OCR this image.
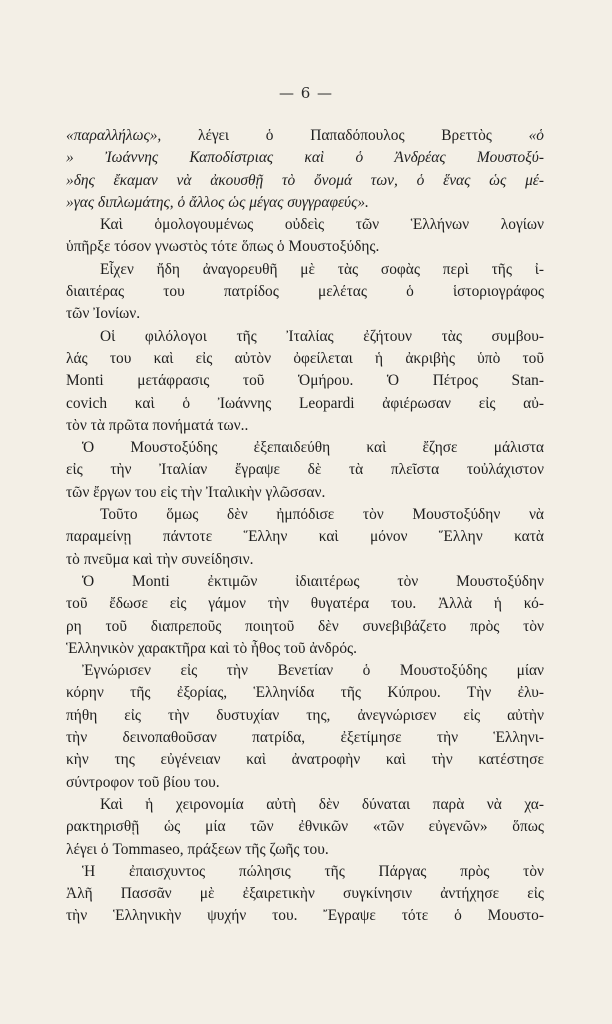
— 6 —
«παραλλήλως», λέγει ὁ Παπαδόπουλος Βρεττὸς «ὁ
» Ἰωάννης Καποδίστριας καὶ ὁ Ἀνδρέας Μουστοξύ-
»δης ἔκαμαν νὰ ἀκουσθῇ τὸ ὄνομά των, ὁ ἕνας ὡς μέ-
»γας διπλωμάτης, ὁ ἄλλος ὡς μέγας συγγραφεύς».
Καὶ ὁμολογουμένως οὐδεὶς τῶν Ἑλλήνων λογίων
ὑπῆρξε τόσον γνωστὸς τότε ὅπως ὁ Μουστοξύδης.
Εἶχεν ἤδη ἀναγορευθῆ μὲ τὰς σοφὰς περὶ τῆς ἰ-
διαιτέρας του πατρίδος μελέτας ὁ ἱστοριογράφος
τῶν Ἰονίων.
Οἱ φιλόλογοι τῆς Ἰταλίας ἐζήτουν τὰς συμβου-
λάς του καὶ εἰς αὐτὸν ὀφείλεται ἡ ἀκριβὴς ὑπὸ τοῦ
Monti μετάφρασις τοῦ Ὁμήρου. Ὁ Πέτρος Stan-
covich καὶ ὁ Ἰωάννης Leopardi ἀφιέρωσαν εἰς αὐ-
τὸν τὰ πρῶτα πονήματά των..
Ὁ Μουστοξύδης ἐξεπαιδεύθη καὶ ἔζησε μάλιστα
εἰς τὴν Ἰταλίαν ἔγραψε δὲ τὰ πλεῖστα τοὐλάχιστον
τῶν ἔργων του εἰς τὴν Ἰταλικὴν γλῶσσαν.
Τοῦτο ὅμως δὲν ἠμπόδισε τὸν Μουστοξύδην νὰ
παραμείνῃ πάντοτε Ἕλλην καὶ μόνον Ἕλλην κατὰ
τὸ πνεῦμα καὶ τὴν συνείδησιν.
Ὁ Monti ἐκτιμῶν ἰδιαιτέρως τὸν Μουστοξύδην
τοῦ ἔδωσε εἰς γάμον τὴν θυγατέρα του. Ἀλλὰ ἡ κό-
ρη τοῦ διαπρεποῦς ποιητοῦ δὲν συνεβιβάζετο πρὸς τὸν
Ἑλληνικὸν χαρακτῆρα καὶ τὸ ἦθος τοῦ ἀνδρός.
Ἐγνώρισεν εἰς τὴν Βενετίαν ὁ Μουστοξύδης μίαν
κόρην τῆς ἐξορίας, Ἑλληνίδα τῆς Κύπρου. Τὴν ἐλυ-
πήθη εἰς τὴν δυστυχίαν της, ἀνεγνώρισεν εἰς αὐτὴν
τὴν δεινοπαθοῦσαν πατρίδα, ἐξετίμησε τὴν Ἑλληνι-
κὴν της εὐγένειαν καὶ ἀνατροφὴν καὶ τὴν κατέστησε
σύντροφον τοῦ βίου του.
Καὶ ἡ χειρονομία αὐτὴ δὲν δύναται παρὰ νὰ χα-
ρακτηρισθῇ ὡς μία τῶν ἐθνικῶν «τῶν εὐγενῶν» ὅπως
λέγει ὁ Tommaseo, πράξεων τῆς ζωῆς του.
Ἡ ἐπαισχυντος πώλησις τῆς Πάργας πρὸς τὸν
Ἀλῆ Πασσᾶν μὲ ἐξαιρετικὴν συγκίνησιν ἀντήχησε εἰς
τὴν Ἑλληνικὴν ψυχήν του. Ἔγραψε τότε ὁ Μουστο-
